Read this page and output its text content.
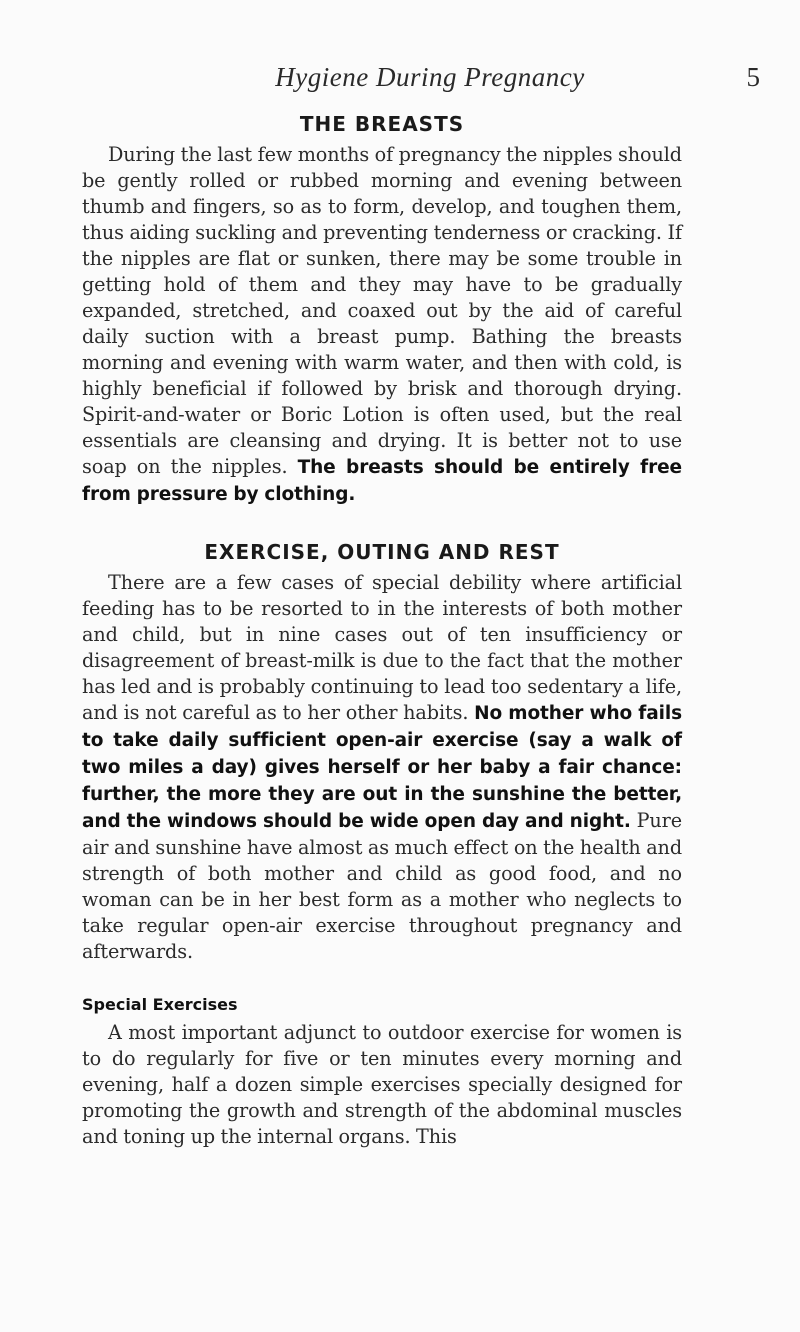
Hygiene During Pregnancy	5
THE BREASTS

During the last few months of pregnancy the nipples should be gently rolled or rubbed morning and evening between thumb and fingers, so as to form, develop, and toughen them, thus aiding suckling and preventing tenderness or cracking. If the nipples are flat or sunken, there may be some trouble in getting hold of them and they may have to be gradually expanded, stretched, and coaxed out by the aid of careful daily suction with a breast pump. Bathing the breasts morning and evening with warm water, and then with cold, is highly beneficial if followed by brisk and thorough drying. Spirit-and-water or Boric Lotion is often used, but the real essentials are cleansing and drying. It is better not to use soap on the nipples. The breasts should be entirely free from pressure by clothing.

EXERCISE, OUTING AND REST

There are a few cases of special debility where artificial feeding has to be resorted to in the interests of both mother and child, but in nine cases out of ten insufficiency or disagreement of breast-milk is due to the fact that the mother has led and is probably continuing to lead too sedentary a life, and is not careful as to her other habits. No mother who fails to take daily sufficient open-air exercise (say a walk of two miles a day) gives herself or her baby a fair chance: further, the more they are out in the sunshine the better, and the windows should be wide open day and night. Pure air and sunshine have almost as much effect on the health and strength of both mother and child as good food, and no woman can be in her best form as a mother who neglects to take regular open-air exercise throughout pregnancy and afterwards.

Special Exercises

A most important adjunct to outdoor exercise for women is to do regularly for five or ten minutes every morning and evening, half a dozen simple exercises specially designed for promoting the growth and strength of the abdominal muscles and toning up the internal organs. This
